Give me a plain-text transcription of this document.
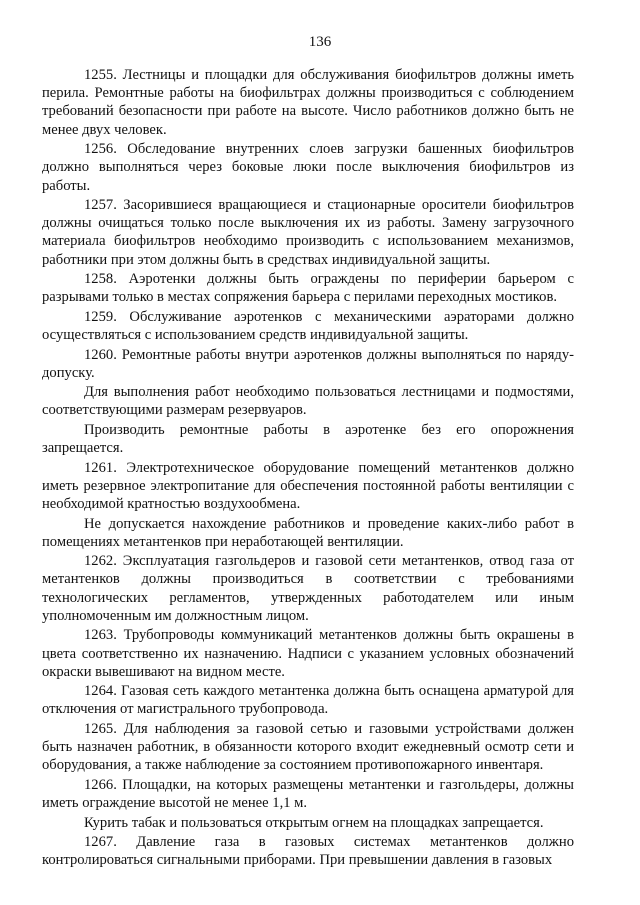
136

1255. Лестницы и площадки для обслуживания биофильтров должны иметь перила. Ремонтные работы на биофильтрах должны производиться с соблюдением требований безопасности при работе на высоте. Число работников должно быть не менее двух человек.

1256. Обследование внутренних слоев загрузки башенных биофильтров должно выполняться через боковые люки после выключения биофильтров из работы.

1257. Засорившиеся вращающиеся и стационарные оросители биофильтров должны очищаться только после выключения их из работы. Замену загрузочного материала биофильтров необходимо производить с использованием механизмов, работники при этом должны быть в средствах индивидуальной защиты.

1258. Аэротенки должны быть ограждены по периферии барьером с разрывами только в местах сопряжения барьера с перилами переходных мостиков.

1259. Обслуживание аэротенков с механическими аэраторами должно осуществляться с использованием средств индивидуальной защиты.

1260. Ремонтные работы внутри аэротенков должны выполняться по наряду-допуску.

Для выполнения работ необходимо пользоваться лестницами и подмостями, соответствующими размерам резервуаров.

Производить ремонтные работы в аэротенке без его опорожнения запрещается.

1261. Электротехническое оборудование помещений метантенков должно иметь резервное электропитание для обеспечения постоянной работы вентиляции с необходимой кратностью воздухообмена.

Не допускается нахождение работников и проведение каких-либо работ в помещениях метантенков при неработающей вентиляции.

1262. Эксплуатация газгольдеров и газовой сети метантенков, отвод газа от метантенков должны производиться в соответствии с требованиями технологических регламентов, утвержденных работодателем или иным уполномоченным им должностным лицом.

1263. Трубопроводы коммуникаций метантенков должны быть окрашены в цвета соответственно их назначению. Надписи с указанием условных обозначений окраски вывешивают на видном месте.

1264. Газовая сеть каждого метантенка должна быть оснащена арматурой для отключения от магистрального трубопровода.

1265. Для наблюдения за газовой сетью и газовыми устройствами должен быть назначен работник, в обязанности которого входит ежедневный осмотр сети и оборудования, а также наблюдение за состоянием противопожарного инвентаря.

1266. Площадки, на которых размещены метантенки и газгольдеры, должны иметь ограждение высотой не менее 1,1 м.

Курить табак и пользоваться открытым огнем на площадках запрещается.

1267. Давление газа в газовых системах метантенков должно контролироваться сигнальными приборами. При превышении давления в газовых
